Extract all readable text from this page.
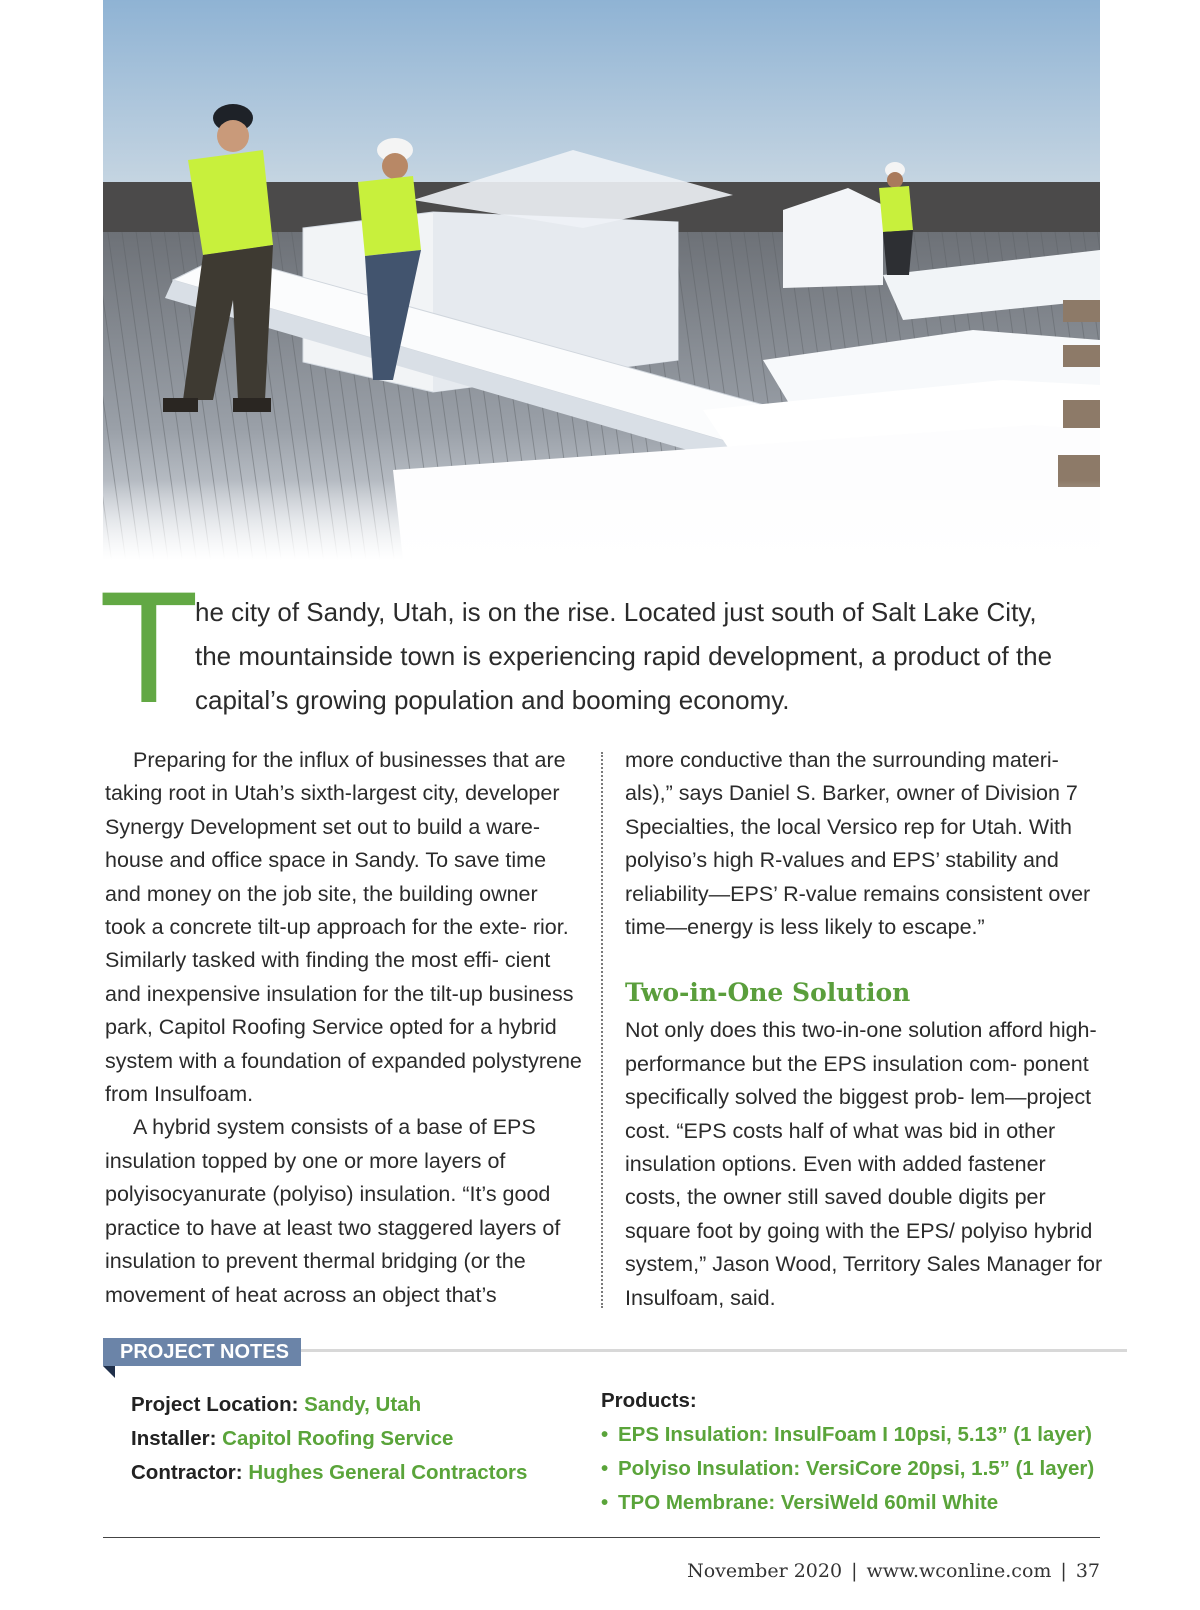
T he city of Sandy, Utah, is on the rise. Located just south of Salt Lake City, the mountainside town is experiencing rapid development, a product of the capital’s growing population and booming economy.

Preparing for the influx of businesses that are taking root in Utah’s sixth-largest city, developer Synergy Development set out to build a ware- house and office space in Sandy. To save time and money on the job site, the building owner took a concrete tilt-up approach for the exte- rior. Similarly tasked with finding the most effi- cient and inexpensive insulation for the tilt-up business park, Capitol Roofing Service opted for a hybrid system with a foundation of expanded polystyrene from Insulfoam.

A hybrid system consists of a base of EPS insulation topped by one or more layers of polyisocyanurate (polyiso) insulation. “It’s good practice to have at least two staggered layers of insulation to prevent thermal bridging (or the movement of heat across an object that’s

more conductive than the surrounding materi- als),” says Daniel S. Barker, owner of Division 7 Specialties, the local Versico rep for Utah. With polyiso’s high R-values and EPS’ stability and reliability—EPS’ R-value remains consistent over time—energy is less likely to escape.”

Two-in-One Solution

Not only does this two-in-one solution afford high-performance but the EPS insulation com- ponent specifically solved the biggest prob- lem—project cost. “EPS costs half of what was bid in other insulation options. Even with added fastener costs, the owner still saved double digits per square foot by going with the EPS/ polyiso hybrid system,” Jason Wood, Territory Sales Manager for Insulfoam, said.

PROJECT NOTES
Project Location: Sandy, Utah
Installer: Capitol Roofing Service
Contractor: Hughes General Contractors
Products:
• EPS Insulation: InsulFoam I 10psi, 5.13” (1 layer)
• Polyiso Insulation: VersiCore 20psi, 1.5” (1 layer)
• TPO Membrane: VersiWeld 60mil White
November 2020 | www.wconline.com | 37
